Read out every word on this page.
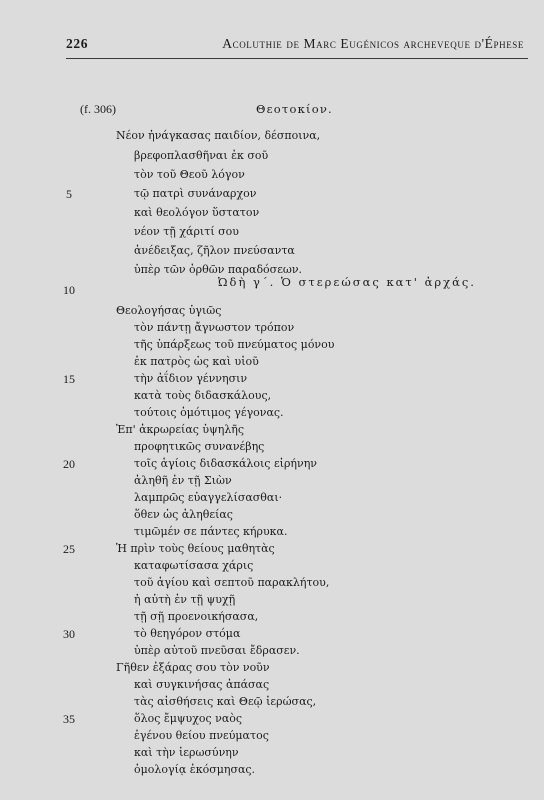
226	Acoluthie de Marc Eugénicos archeveque d'Éphese
(f. 306)	Θεοτοκίον.
Νέον ἠνάγκασας παιδίον, δέσποινα,
βρεφοπλασθῆναι ἐκ σοῦ
τὸν τοῦ Θεοῦ λόγον
τῷ πατρὶ συνάναρχον
καὶ θεολόγον ὕστατον
νέον τῇ χάριτί σου
ἀνέδειξας, ζῆλον πνεύσαντα
ὑπὲρ τῶν ὀρθῶν παραδόσεων.
Ὠδὴ γ´. Ὁ στερεώσας κατ' ἀρχάς.
Θεολογήσας ὑγιῶς
τὸν πάντῃ ἄγνωστον τρόπον
τῆς ὑπάρξεως τοῦ πνεύματος μόνου
ἐκ πατρὸς ὡς καὶ υἱοῦ
τὴν ἀΐδιον γέννησιν
κατὰ τοὺς διδασκάλους,
τούτοις ὁμότιμος γέγονας.
Ἐπ' ἀκρωρείας ὑψηλῆς
προφητικῶς συνανέβης
τοῖς ἁγίοις διδασκάλοις εἰρήνην
ἀληθῆ ἐν τῇ Σιὼν
λαμπρῶς εὐαγγελίσασθαι·
ὅθεν ὡς ἀληθείας
τιμῶμέν σε πάντες κήρυκα.
Ἡ πρὶν τοὺς θείους μαθητὰς
καταφωτίσασα χάρις
τοῦ ἁγίου καὶ σεπτοῦ παρακλήτου,
ἡ αὐτὴ ἐν τῇ ψυχῇ
τῇ σῇ προενοικήσασα,
τὸ θεηγόρον στόμα
ὑπὲρ αὐτοῦ πνεῦσαι ἔδρασεν.
Γῆθεν ἐξάρας σου τὸν νοῦν
καὶ συγκινήσας ἀπάσας
τὰς αἰσθήσεις καὶ Θεῷ ἱερώσας,
ὅλος ἔμψυχος ναὸς
ἐγένου θείου πνεύματος
καὶ τὴν ἱερωσύνην
ὁμολογίᾳ ἐκόσμησας.
5
10
15
20
25
30
35
